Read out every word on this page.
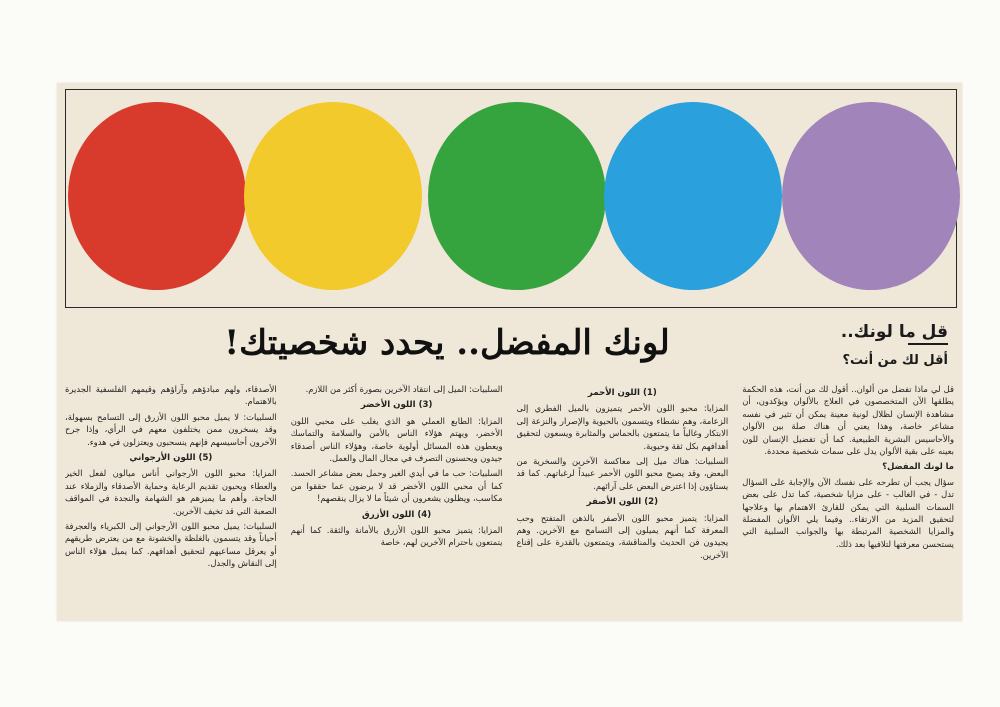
قل ما لونك..
أقل لك من أنت؟
لونك المفضل.. يحدد شخصيتك!

قل لي ماذا تفضل من ألوان.. أقول لك من أنت، هذه الحكمة يطلقها الآن المتخصصون في العلاج بالألوان ويؤكدون، أن مشاهدة الإنسان لظلال لونية معينة يمكن أن تثير في نفسه مشاعر خاصة، وهذا يعني أن هناك صلة بين الألوان والأحاسيس البشرية الطبيعية. كما أن تفضيل الإنسان للون بعينه على بقية الألوان يدل على سمات شخصية محددة.

ما لونك المفضل؟

سؤال يجب أن تطرحه على نفسك الآن والإجابة على السؤال تدل - في الغالب - على مزايا شخصية، كما تدل على بعض السمات السلبية التي يمكن للقارئ الاهتمام بها وعلاجها لتحقيق المزيد من الارتقاء.. وفيما يلي الألوان المفضلة والمزايا الشخصية المرتبطة بها والجوانب السلبية التي يستحسن معرفتها لتلافيها بعد ذلك.

(1) اللون الأحمر

المزايا: محبو اللون الأحمر يتميزون بالميل الفطري إلى الزعامة، وهم نشطاء ويتسمون بالحيوية والإصرار والنزعة إلى الابتكار وغالباً ما يتمتعون بالحماس والمثابرة ويسعون لتحقيق أهدافهم بكل ثقة وحيوية.

السلبيات: هناك ميل إلى معاكسة الآخرين والسخرية من البعض، وقد يصبح محبو اللون الأحمر عبيداً لرغباتهم. كما قد يستاؤون إذا اعترض البعض على آرائهم.

(2) اللون الأصفر

المزايا: يتميز محبو اللون الأصفر بالذهن المتفتح وحب المعرفة كما أنهم يميلون إلى التسامح مع الآخرين. وهم يجيدون فن الحديث والمناقشة، ويتمتعون بالقدرة على إقناع الآخرين.

السلبيات: الميل إلى انتقاد الآخرين بصورة أكثر من اللازم.

(3) اللون الأخضر

المزايا: الطابع العملي هو الذي يغلب على محبي اللون الأخضر، ويهتم هؤلاء الناس بالأمن والسلامة والتماسك ويعطون هذه المسائل أولوية خاصة، وهؤلاء الناس أصدقاء جيدون ويحسنون التصرف في مجال المال والعمل.

السلبيات: حب ما في أيدي الغير وحمل بعض مشاعر الحسد. كما أن محبي اللون الأخضر قد لا يرضون عما حققوا من مكاسب، ويظلون يشعرون أن شيئاً ما لا يزال ينقصهم!

(4) اللون الأزرق

المزايا: يتميز محبو اللون الأزرق بالأمانة والثقة. كما أنهم يتمتعون باحترام الآخرين لهم، خاصة

الأصدقاء، ولهم مبادؤهم وآراؤهم وقيمهم الفلسفية الجديرة بالاهتمام.

السلبيات: لا يميل محبو اللون الأزرق إلى التسامح بسهولة، وقد يسخرون ممن يختلفون معهم في الرأي، وإذا جرح الآخرون أحاسيسهم فإنهم ينسحبون ويعتزلون في هدوء.

(5) اللون الأرجواني

المزايا: محبو اللون الأرجواني أناس ميالون لفعل الخير والعطاء ويحبون تقديم الرعاية وحماية الأصدقاء والزملاء عند الحاجة. وأهم ما يميزهم هو الشهامة والنجدة في المواقف الصعبة التي قد تخيف الآخرين.

السلبيات: يميل محبو اللون الأرجواني إلى الكبرياء والعجرفة أحياناً وقد يتسمون بالغلظة والخشونة مع من يعترض طريقهم أو يعرقل مساعيهم لتحقيق أهدافهم. كما يميل هؤلاء الناس إلى النقاش والجدل.
